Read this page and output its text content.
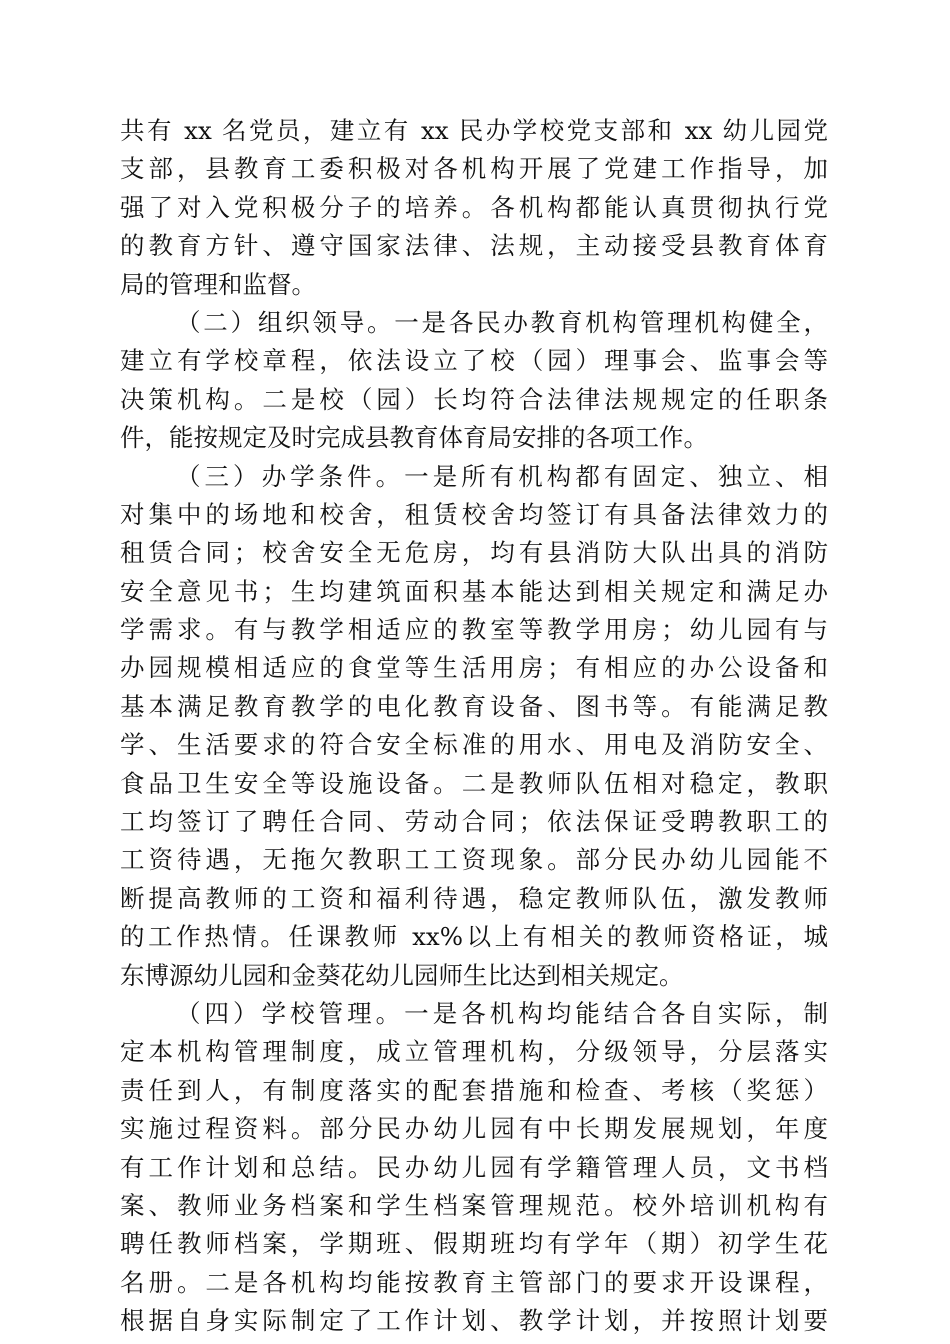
共有 xx 名党员，建立有 xx 民办学校党支部和 xx 幼儿园党
支部，县教育工委积极对各机构开展了党建工作指导，加
强了对入党积极分子的培养。各机构都能认真贯彻执行党
的教育方针、遵守国家法律、法规，主动接受县教育体育
局的管理和监督。
（二）组织领导。一是各民办教育机构管理机构健全，
建立有学校章程，依法设立了校（园）理事会、监事会等
决策机构。二是校（园）长均符合法律法规规定的任职条
件，能按规定及时完成县教育体育局安排的各项工作。
（三）办学条件。一是所有机构都有固定、独立、相
对集中的场地和校舍，租赁校舍均签订有具备法律效力的
租赁合同；校舍安全无危房，均有县消防大队出具的消防
安全意见书；生均建筑面积基本能达到相关规定和满足办
学需求。有与教学相适应的教室等教学用房；幼儿园有与
办园规模相适应的食堂等生活用房；有相应的办公设备和
基本满足教育教学的电化教育设备、图书等。有能满足教
学、生活要求的符合安全标准的用水、用电及消防安全、
食品卫生安全等设施设备。二是教师队伍相对稳定，教职
工均签订了聘任合同、劳动合同；依法保证受聘教职工的
工资待遇，无拖欠教职工工资现象。部分民办幼儿园能不
断提高教师的工资和福利待遇，稳定教师队伍，激发教师
的工作热情。任课教师 xx%以上有相关的教师资格证，城
东博源幼儿园和金葵花幼儿园师生比达到相关规定。
（四）学校管理。一是各机构均能结合各自实际，制
定本机构管理制度，成立管理机构，分级领导，分层落实
责任到人，有制度落实的配套措施和检查、考核（奖惩）
实施过程资料。部分民办幼儿园有中长期发展规划，年度
有工作计划和总结。民办幼儿园有学籍管理人员，文书档
案、教师业务档案和学生档案管理规范。校外培训机构有
聘任教师档案，学期班、假期班均有学年（期）初学生花
名册。二是各机构均能按教育主管部门的要求开设课程，
根据自身实际制定了工作计划、教学计划，并按照计划要
